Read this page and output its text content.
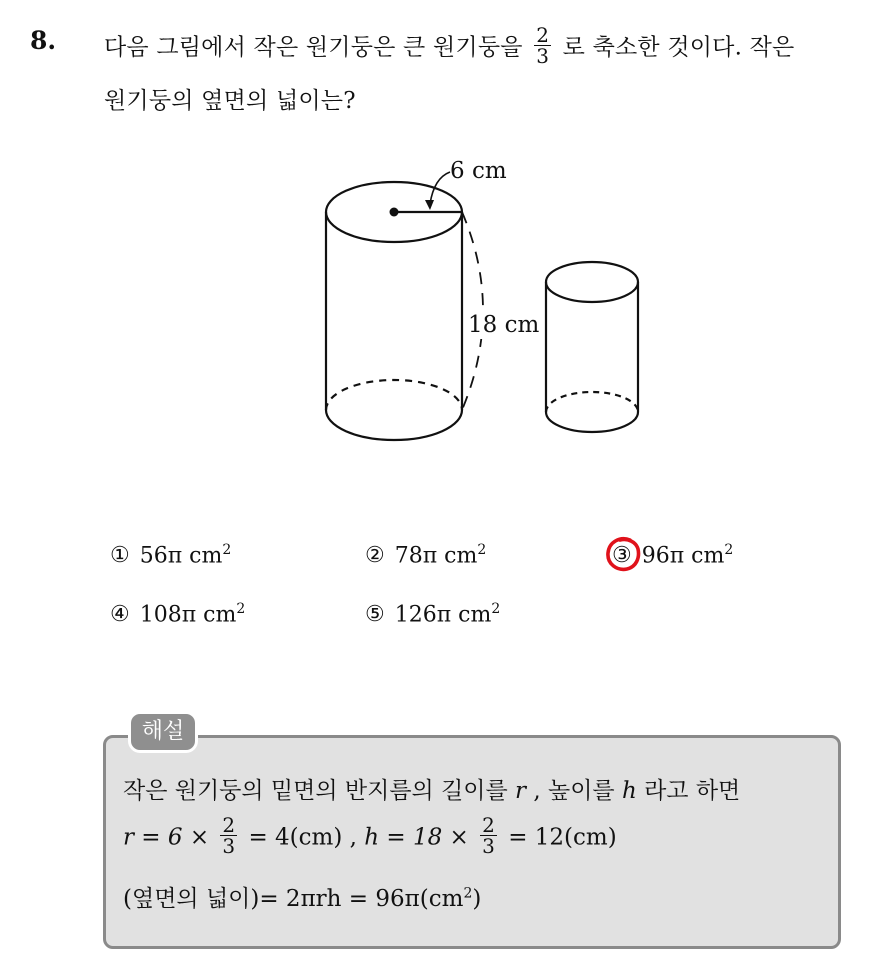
8. 다음 그림에서 작은 원기둥은 큰 원기둥을 $\frac{2}{3}$ 로 축소한 것이다. 작은
원기둥의 옆면의 넓이는?
6 cm
18 cm
① 56π $cm^2$	② 78π $cm^2$	③ 96π $cm^2$
④ 108π $cm^2$	⑤ 126π $cm^2$
해설
작은 원기둥의 밑면의 반지름의 길이를 r , 높이를 h 라고 하면
$r = 6 \times \frac{2}{3} = 4(cm)$ , $h = 18 \times \frac{2}{3} = 12(cm)$
(옆면의 넓이)= $2\pi rh = 96\pi(cm^2)$
